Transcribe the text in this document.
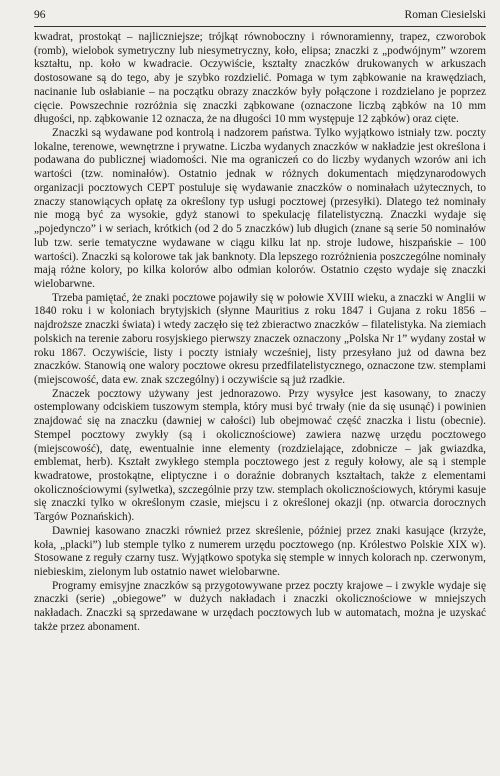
96	Roman Ciesielski

kwadrat, prostokąt – najliczniejsze; trójkąt równoboczny i równoramienny, trapez, czworobok (romb), wielobok symetryczny lub niesymetryczny, koło, elipsa; znaczki z „podwójnym” wzorem kształtu, np. koło w kwadracie. Oczywiście, kształty znaczków drukowanych w arkuszach dostosowane są do tego, aby je szybko rozdzielić. Pomaga w tym ząbkowanie na krawędziach, nacinanie lub osłabianie – na początku obrazy znaczków były połączone i rozdzielano je poprzez cięcie. Powszechnie rozróżnia się znaczki ząbkowane (oznaczone liczbą ząbków na 10 mm długości, np. ząbkowanie 12 oznacza, że na długości 10 mm występuje 12 ząbków) oraz cięte.

Znaczki są wydawane pod kontrolą i nadzorem państwa. Tylko wyjątkowo istniały tzw. poczty lokalne, terenowe, wewnętrzne i prywatne. Liczba wydanych znaczków w nakładzie jest określona i podawana do publicznej wiadomości. Nie ma ograniczeń co do liczby wydanych wzorów ani ich wartości (tzw. nominałów). Ostatnio jednak w różnych dokumentach międzynarodowych organizacji pocztowych CEPT postuluje się wydawanie znaczków o nominałach użytecznych, to znaczy stanowiących opłatę za określony typ usługi pocztowej (przesyłki). Dlatego też nominały nie mogą być za wysokie, gdyż stanowi to spekulację filatelistyczną. Znaczki wydaje się „pojedynczo” i w seriach, krótkich (od 2 do 5 znaczków) lub długich (znane są serie 50 nominałów lub tzw. serie tematyczne wydawane w ciągu kilku lat np. stroje ludowe, hiszpańskie – 100 wartości). Znaczki są kolorowe tak jak banknoty. Dla lepszego rozróżnienia poszczególne nominały mają różne kolory, po kilka kolorów albo odmian kolorów. Ostatnio często wydaje się znaczki wielobarwne.

Trzeba pamiętać, że znaki pocztowe pojawiły się w połowie XVIII wieku, a znaczki w Anglii w 1840 roku i w koloniach brytyjskich (słynne Mauritius z roku 1847 i Gujana z roku 1856 – najdroższe znaczki świata) i wtedy zaczęło się też zbieractwo znaczków – filatelistyka. Na ziemiach polskich na terenie zaboru rosyjskiego pierwszy znaczek oznaczony „Polska Nr 1” wydany został w roku 1867. Oczywiście, listy i poczty istniały wcześniej, listy przesyłano już od dawna bez znaczków. Stanowią one walory pocztowe okresu przedfilatelistycznego, oznaczone tzw. stemplami (miejscowość, data ew. znak szczególny) i oczywiście są już rzadkie.

Znaczek pocztowy używany jest jednorazowo. Przy wysyłce jest kasowany, to znaczy ostemplowany odciskiem tuszowym stempla, który musi być trwały (nie da się usunąć) i powinien znajdować się na znaczku (dawniej w całości) lub obejmować część znaczka i listu (obecnie). Stempel pocztowy zwykły (są i okolicznościowe) zawiera nazwę urzędu pocztowego (miejscowość), datę, ewentualnie inne elementy (rozdzielające, zdobnicze – jak gwiazdka, emblemat, herb). Kształt zwykłego stempla pocztowego jest z reguły kołowy, ale są i stemple kwadratowe, prostokątne, eliptyczne i o doraźnie dobranych kształtach, także z elementami okolicznościowymi (sylwetka), szczególnie przy tzw. stemplach okolicznościowych, którymi kasuje się znaczki tylko w określonym czasie, miejscu i z określonej okazji (np. otwarcia dorocznych Targów Poznańskich).

Dawniej kasowano znaczki również przez skreślenie, później przez znaki kasujące (krzyże, koła, „placki”) lub stemple tylko z numerem urzędu pocztowego (np. Królestwo Polskie XIX w). Stosowane z reguły czarny tusz. Wyjątkowo spotyka się stemple w innych kolorach np. czerwonym, niebieskim, zielonym lub ostatnio nawet wielobarwne.

Programy emisyjne znaczków są przygotowywane przez poczty krajowe – i zwykle wydaje się znaczki (serie) „obiegowe” w dużych nakładach i znaczki okolicznościowe w mniejszych nakładach. Znaczki są sprzedawane w urzędach pocztowych lub w automatach, można je uzyskać także przez abonament.
